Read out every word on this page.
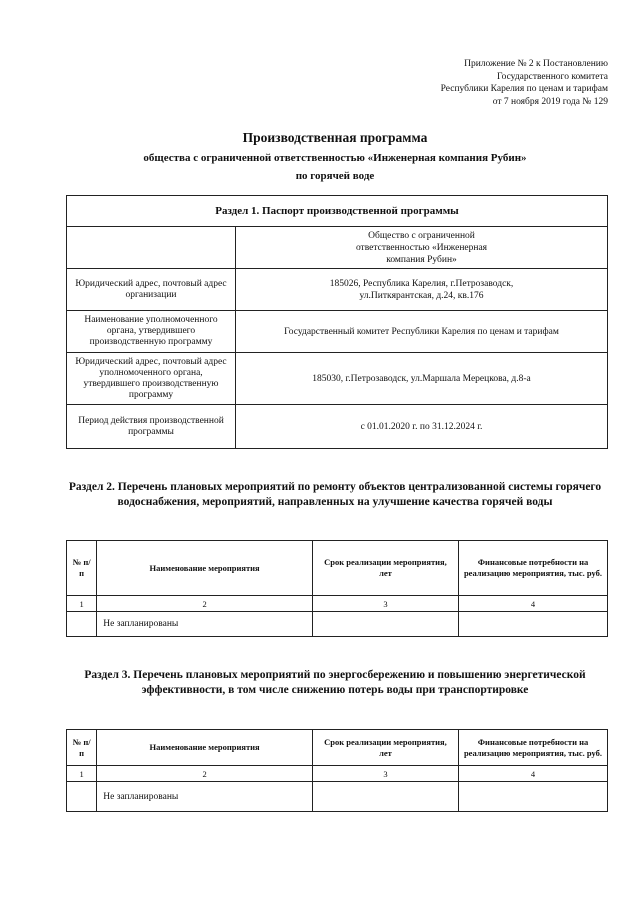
Приложение № 2 к Постановлению
Государственного комитета
Республики Карелия по ценам и тарифам
от 7 ноября 2019 года № 129

Производственная программа

общества с ограниченной ответственностью «Инженерная компания Рубин»

по горячей воде

Раздел 1. Паспорт производственной программы	
	Общество с ограниченной ответственностью «Инженерная компания Рубин»
Юридический адрес, почтовый адрес организации	185026, Республика Карелия, г.Петрозаводск, ул.Питкярантская, д.24, кв.176
Наименование уполномоченного органа, утвердившего производственную программу	Государственный комитет Республики Карелия по ценам и тарифам
Юридический адрес, почтовый адрес уполномоченного органа, утвердившего производственную программу	185030, г.Петрозаводск, ул.Маршала Мерецкова, д.8-а
Период действия производственной программы	с 01.01.2020 г. по 31.12.2024 г.
Раздел 2. Перечень плановых мероприятий по ремонту объектов централизованной системы горячего водоснабжения, мероприятий, направленных на улучшение качества горячей воды
№ п/п	Наименование мероприятия	Срок реализации мероприятия, лет	Финансовые потребности на реализацию мероприятия, тыс. руб.
1	2	3	4
	Не запланированы		
Раздел 3. Перечень плановых мероприятий по энергосбережению и повышению энергетической эффективности, в том числе снижению потерь воды при транспортировке
№ п/п	Наименование мероприятия	Срок реализации мероприятия, лет	Финансовые потребности на реализацию мероприятия, тыс. руб.
1	2	3	4
	Не запланированы		
